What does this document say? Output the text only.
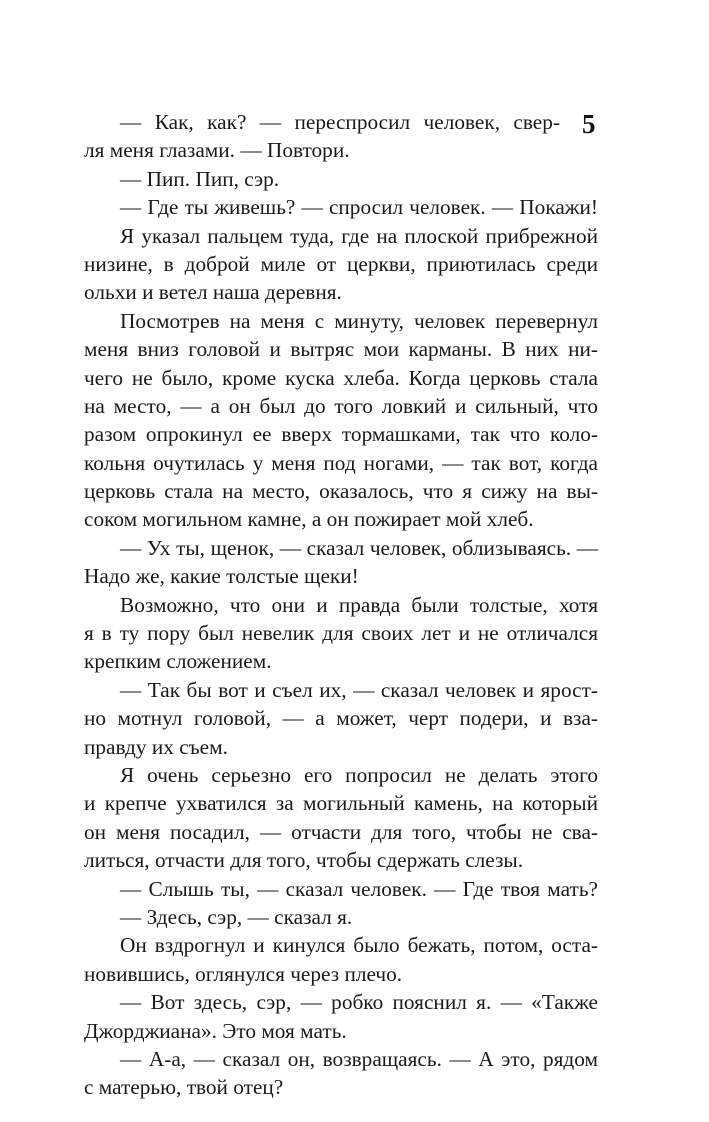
5
— Как, как? — переспросил человек, свер-
ля меня глазами. — Повтори.
— Пип. Пип, сэр.
— Где ты живешь? — спросил человек. — Покажи!
Я указал пальцем туда, где на плоской прибрежной
низине, в доброй миле от церкви, приютилась среди
ольхи и ветел наша деревня.
Посмотрев на меня с минуту, человек перевернул
меня вниз головой и вытряс мои карманы. В них ни-
чего не было, кроме куска хлеба. Когда церковь стала
на место, — а он был до того ловкий и сильный, что
разом опрокинул ее вверх тормашками, так что коло-
кольня очутилась у меня под ногами, — так вот, когда
церковь стала на место, оказалось, что я сижу на вы-
соком могильном камне, а он пожирает мой хлеб.
— Ух ты, щенок, — сказал человек, облизываясь. —
Надо же, какие толстые щеки!
Возможно, что они и правда были толстые, хотя
я в ту пору был невелик для своих лет и не отличался
крепким сложением.
— Так бы вот и съел их, — сказал человек и ярост-
но мотнул головой, — а может, черт подери, и вза-
правду их съем.
Я очень серьезно его попросил не делать этого
и крепче ухватился за могильный камень, на который
он меня посадил, — отчасти для того, чтобы не сва-
литься, отчасти для того, чтобы сдержать слезы.
— Слышь ты, — сказал человек. — Где твоя мать?
— Здесь, сэр, — сказал я.
Он вздрогнул и кинулся было бежать, потом, оста-
новившись, оглянулся через плечо.
— Вот здесь, сэр, — робко пояснил я. — «Также
Джорджиана». Это моя мать.
— А-а, — сказал он, возвращаясь. — А это, рядом
с матерью, твой отец?
